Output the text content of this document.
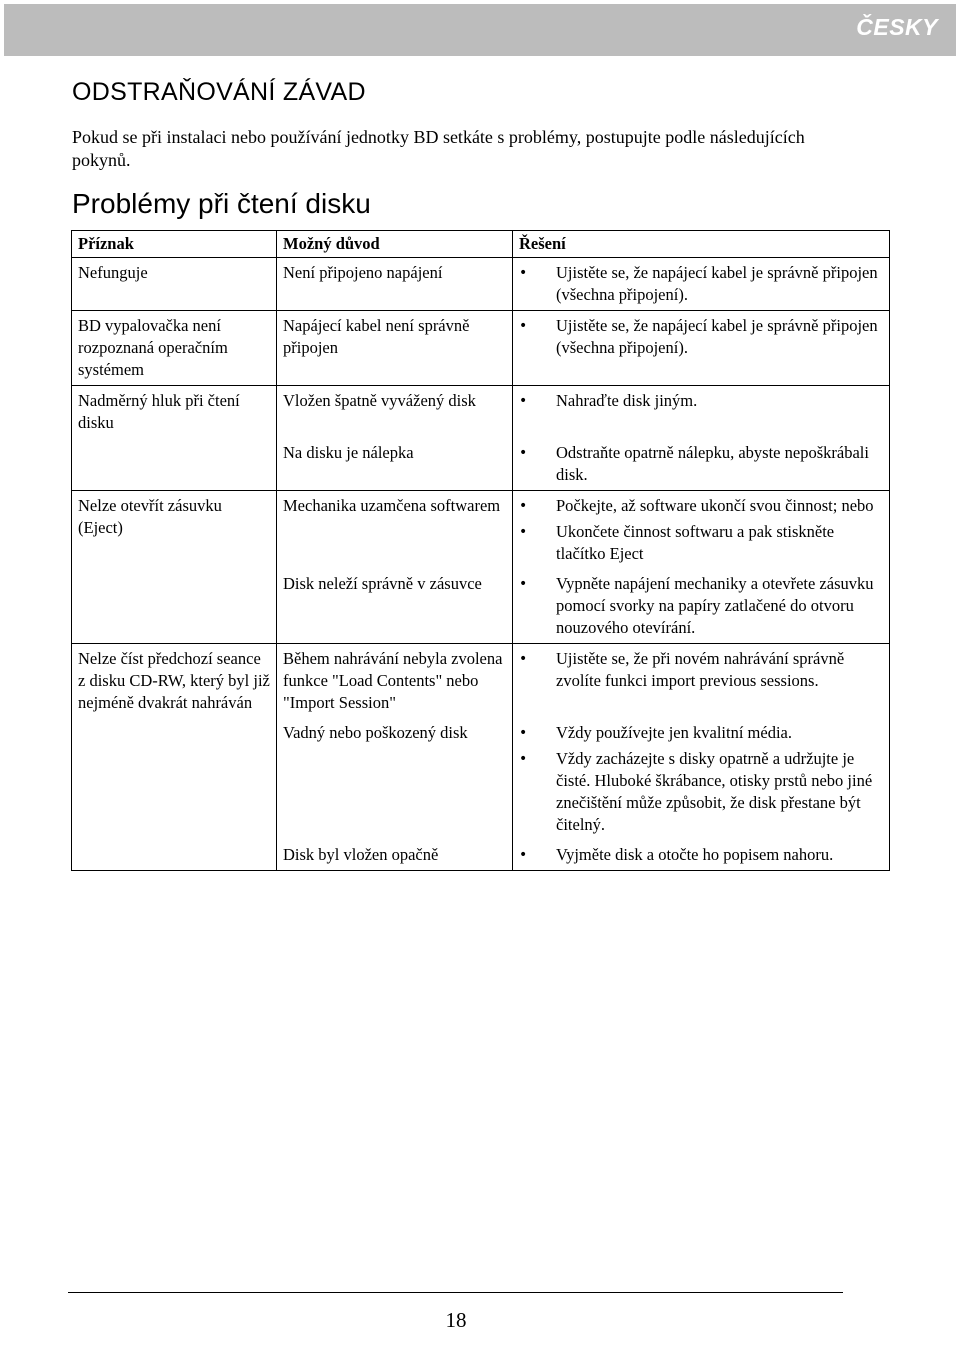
ČESKY
ODSTRAŇOVÁNÍ ZÁVAD

Pokud se při instalaci nebo používání jednotky BD setkáte s problémy, postupujte podle následujících pokynů.

Problémy při čtení disku
Příznak	Možný důvod	Řešení
Nefunguje	Není připojeno napájení	• Ujistěte se, že napájecí kabel je správně připojen (všechna připojení).

BD vypalovačka není rozpoznaná operačním systémem	Napájecí kabel není správně připojen	• Ujistěte se, že napájecí kabel je správně připojen (všechna připojení).

Nadměrný hluk při čtení disku	Vložen špatně vyvážený disk	• Nahraďte disk jiným.

	Na disku je nálepka	• Odstraňte opatrně nálepku, abyste nepoškrábali disk.

Nelze otevřít zásuvku (Eject)	Mechanika uzamčena softwarem	• Počkejte, až software ukončí svou činnost; nebo
• Ukončete činnost softwaru a pak stiskněte tlačítko Eject

	Disk neleží správně v zásuvce	• Vypněte napájení mechaniky a otevřete zásuvku pomocí svorky na papíry zatlačené do otvoru nouzového otevírání.

Nelze číst předchozí seance z disku CD-RW, který byl již nejméně dvakrát nahráván	Během nahrávání nebyla zvolena funkce "Load Contents" nebo "Import Session"	• Ujistěte se, že při novém nahrávání správně zvolíte funkci import previous sessions.

	Vadný nebo poškozený disk	• Vždy používejte jen kvalitní média.
• Vždy zacházejte s disky opatrně a udržujte je čisté. Hluboké škrábance, otisky prstů nebo jiné znečištění může způsobit, že disk přestane být čitelný.

	Disk byl vložen opačně	• Vyjměte disk a otočte ho popisem nahoru.
18
